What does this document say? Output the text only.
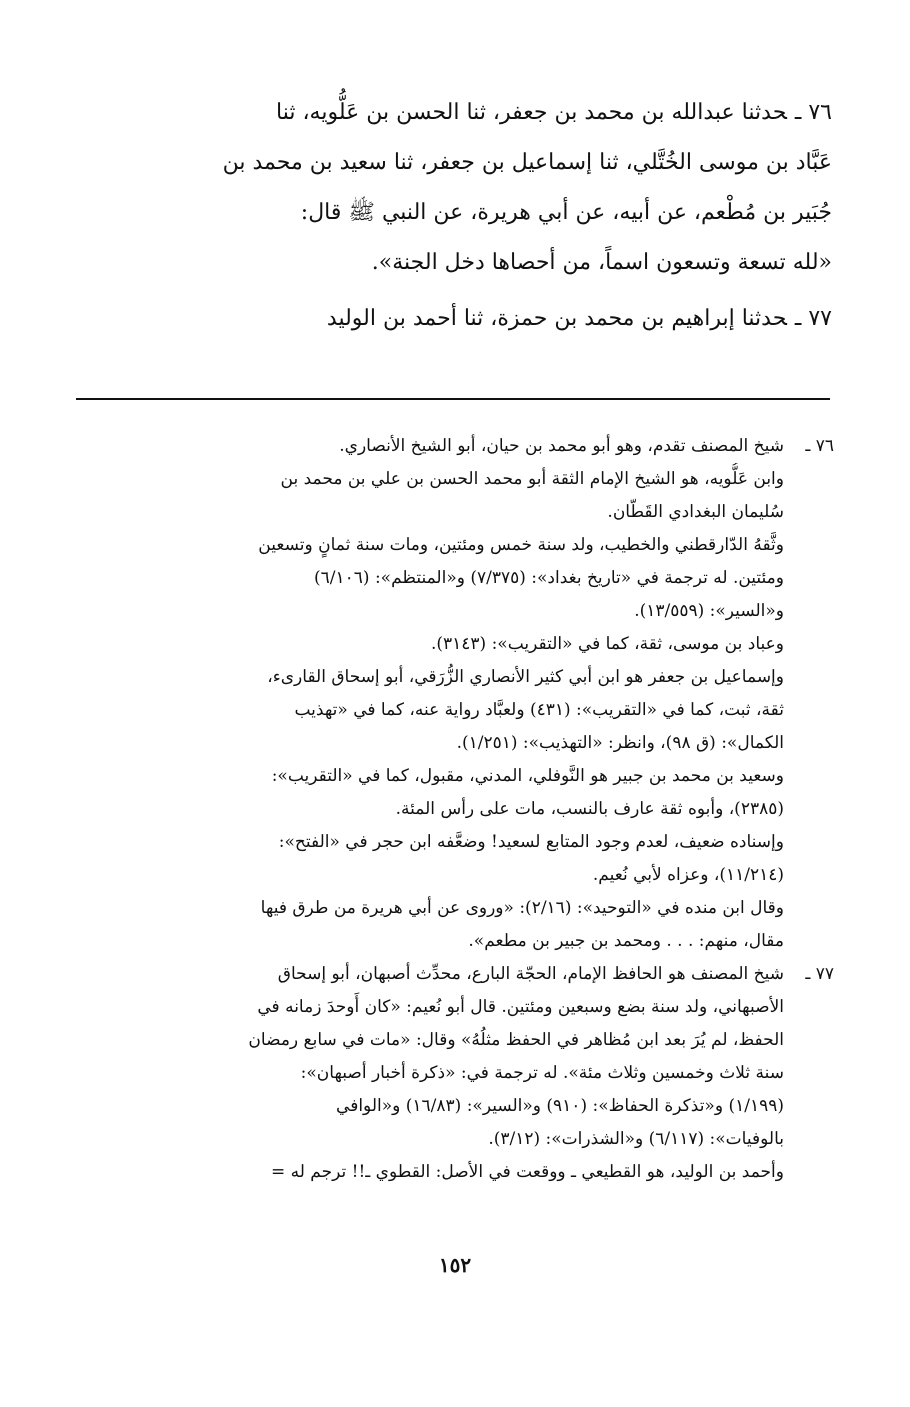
٧٦ ـحدثنا عبدالله بن محمد بن جعفر، ثنا الحسن بن عَلُّويه، ثنا
عَبَّاد بن موسى الخُتَّلي، ثنا إسماعيل بن جعفر، ثنا سعيد بن محمد بن
جُبَير بن مُطْعم، عن أبيه، عن أبي هريرة، عن النبي ﷺ قال:
«لله تسعة وتسعون اسماً، من أحصاها دخل الجنة».
٧٧ ـحدثنا إبراهيم بن محمد بن حمزة، ثنا أحمد بن الوليد
٧٦ ـ
شيخ المصنف تقدم، وهو أبو محمد بن حيان، أبو الشيخ الأنصاري.
وابن عَلُّويه، هو الشيخ الإمام الثقة أبو محمد الحسن بن علي بن محمد بن
سُليمان البغدادي القَطّان.
وثَّقهُ الدّارقطني والخطيب، ولد سنة خمس ومئتين، ومات سنة ثمانٍ وتسعين
ومئتين. له ترجمة في «تاريخ بغداد»: (٧/٣٧٥) و«المنتظم»: (٦/١٠٦)
و«السير»: (١٣/٥٥٩).
وعباد بن موسى، ثقة، كما في «التقريب»: (٣١٤٣).
وإسماعيل بن جعفر هو ابن أبي كثير الأنصاري الزُّرَقي، أبو إسحاق القارىء،
ثقة، ثبت، كما في «التقريب»: (٤٣١) ولعبَّاد رواية عنه، كما في «تهذيب
الكمال»: (ق ٩٨)، وانظر: «التهذيب»: (١/٢٥١).
وسعيد بن محمد بن جبير هو النَّوفلي، المدني، مقبول، كما في «التقريب»:
(٢٣٨٥)، وأبوه ثقة عارف بالنسب، مات على رأس المئة.
وإسناده ضعيف، لعدم وجود المتابع لسعيد! وضعَّفه ابن حجر في «الفتح»:
(١١/٢١٤)، وعزاه لأبي نُعيم.
وقال ابن منده في «التوحيد»: (٢/١٦): «وروى عن أبي هريرة من طرق فيها
مقال، منهم: . . . ومحمد بن جبير بن مطعم».
٧٧ ـ
شيخ المصنف هو الحافظ الإمام، الحجّة البارع، محدِّث أصبهان، أبو إسحاق
الأصبهاني، ولد سنة بضع وسبعين ومئتين. قال أبو نُعيم: «كان أَوحدَ زمانه في
الحفظ، لم يُرَ بعد ابن مُظاهر في الحفظ مثلُهُ» وقال: «مات في سابع رمضان
سنة ثلاث وخمسين وثلاث مئة». له ترجمة في: «ذكرة أخبار أصبهان»:
(١/١٩٩) و«تذكرة الحفاظ»: (٩١٠) و«السير»: (١٦/٨٣) و«الوافي
بالوفيات»: (٦/١١٧) و«الشذرات»: (٣/١٢).
وأحمد بن الوليد، هو القطيعي ـ ووقعت في الأصل: القطوي ـ!! ترجم له =
١٥٢
